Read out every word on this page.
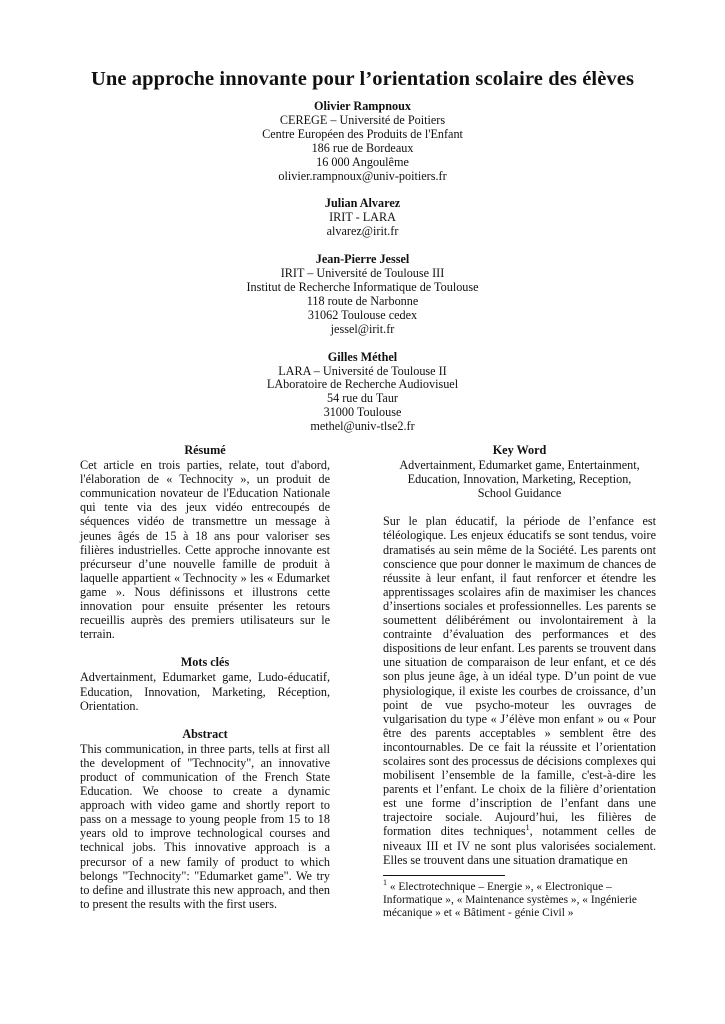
Une approche innovante pour l’orientation scolaire des élèves
Olivier Rampnoux
CEREGE – Université de Poitiers
Centre Européen des Produits de l'Enfant
186 rue de Bordeaux
16 000 Angoulême
olivier.rampnoux@univ-poitiers.fr
Julian Alvarez
IRIT - LARA
alvarez@irit.fr
Jean-Pierre Jessel
IRIT – Université de Toulouse III
Institut de Recherche Informatique de Toulouse
118 route de Narbonne
31062 Toulouse cedex
jessel@irit.fr
Gilles Méthel
LARA – Université de Toulouse II
LAboratoire de Recherche Audiovisuel
54 rue du Taur
31000 Toulouse
methel@univ-tlse2.fr
Résumé

Cet article en trois parties, relate, tout d'abord, l'élaboration de « Technocity », un produit de communication novateur de l'Education Nationale qui tente via des jeux vidéo entrecoupés de séquences vidéo de transmettre un message à jeunes âgés de 15 à 18 ans pour valoriser ses filières industrielles. Cette approche innovante est précurseur d’une nouvelle famille de produit à laquelle appartient « Technocity » les « Edumarket game ». Nous définissons et illustrons cette innovation pour ensuite présenter les retours recueillis auprès des premiers utilisateurs sur le terrain.

Mots clés

Advertainment, Edumarket game, Ludo-éducatif, Education, Innovation, Marketing, Réception, Orientation.

Abstract

This communication, in three parts, tells at first all the development of "Technocity", an innovative product of communication of the French State Education. We choose to create a dynamic approach with video game and shortly report to pass on a message to young people from 15 to 18 years old to improve technological courses and technical jobs. This innovative approach is a precursor of a new family of product to which belongs "Technocity": "Edumarket game". We try to define and illustrate this new approach, and then to present the results with the first users.

Key Word
Advertainment, Edumarket game, Entertainment,
Education, Innovation, Marketing, Reception,
School Guidance

Sur le plan éducatif, la période de l’enfance est téléologique. Les enjeux éducatifs se sont tendus, voire dramatisés au sein même de la Société. Les parents ont conscience que pour donner le maximum de chances de réussite à leur enfant, il faut renforcer et étendre les apprentissages scolaires afin de maximiser les chances d’insertions sociales et professionnelles. Les parents se soumettent délibérément ou involontairement à la contrainte d’évaluation des performances et des dispositions de leur enfant. Les parents se trouvent dans une situation de comparaison de leur enfant, et ce dés son plus jeune âge, à un idéal type. D’un point de vue physiologique, il existe les courbes de croissance, d’un point de vue psycho-moteur les ouvrages de vulgarisation du type « J’élève mon enfant » ou « Pour être des parents acceptables » semblent être des incontournables. De ce fait la réussite et l’orientation scolaires sont des processus de décisions complexes qui mobilisent l’ensemble de la famille, c'est-à-dire les parents et l’enfant. Le choix de la filière d’orientation est une forme d’inscription de l’enfant dans une trajectoire sociale. Aujourd’hui, les filières de formation dites techniques$^1$, notamment celles de niveaux III et IV ne sont plus valorisées socialement. Elles se trouvent dans une situation dramatique en

$^1$ « Electrotechnique – Energie », « Electronique – Informatique », « Maintenance systèmes », « Ingénierie mécanique » et « Bâtiment - génie Civil »
